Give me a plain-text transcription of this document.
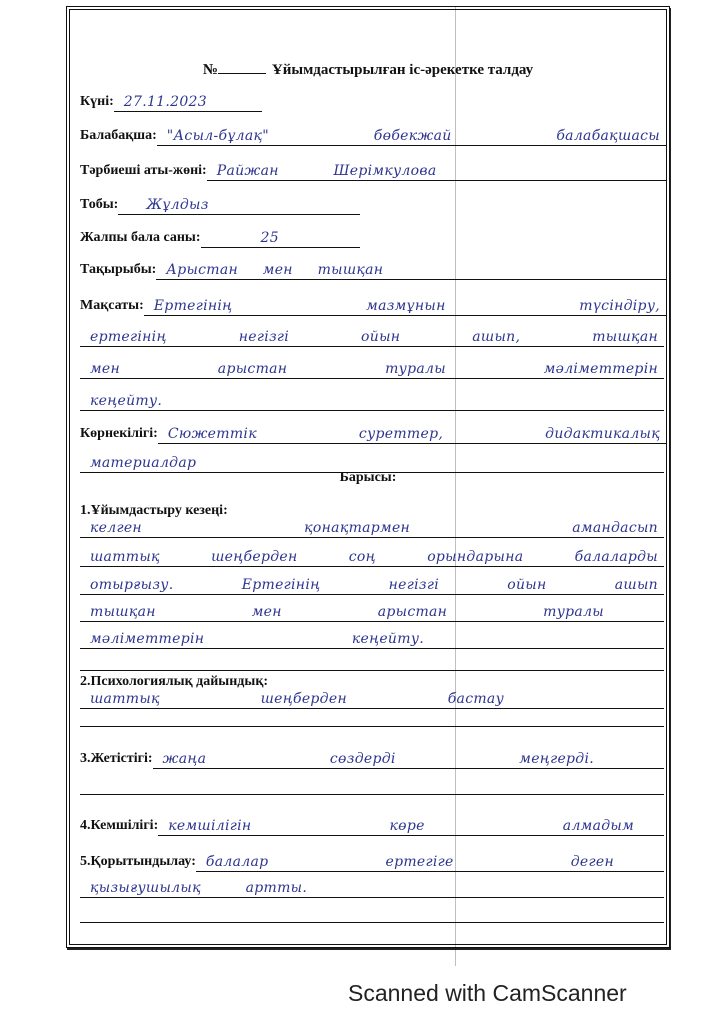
№	Ұйымдастырылған іс-әрекетке талдау
Күні: 27.11.2023
Балабақша: "Асыл-бұлақ" бөбекжай балабақшасы
Тәрбиеші аты-жөні: Райжан Шерімкулова
Тобы:	Жұлдыз
Жалпы бала саны:	25
Тақырыбы: Арыстан мен тышқан
Мақсаты: Ертегінің мазмұнын түсіндіру,
ертегінің негізгі ойын ашып, тышқан
мен арыстан туралы мәліметтерін
кеңейту.
Көрнекілігі: Сюжеттік суреттер, дидактикалық
материалдар
Барысы:
1.Ұйымдастыру кезеңі:
келген қонақтармен амандасып
шаттық шеңберден соң орындарына балаларды
отырғызу. Ертегінің негізгі ойын ашып
тышқан мен арыстан туралы
мәліметтерін кеңейту.
2.Психологиялық дайындық:
шаттық шеңберден бастау
3.Жетістігі: жаңа сөздерді меңгерді.
4.Кемшілігі: кемшілігін көре алмадым
5.Қорытындылау: балалар ертегіге деген
қызығушылық артты.
Scanned with CamScanner
